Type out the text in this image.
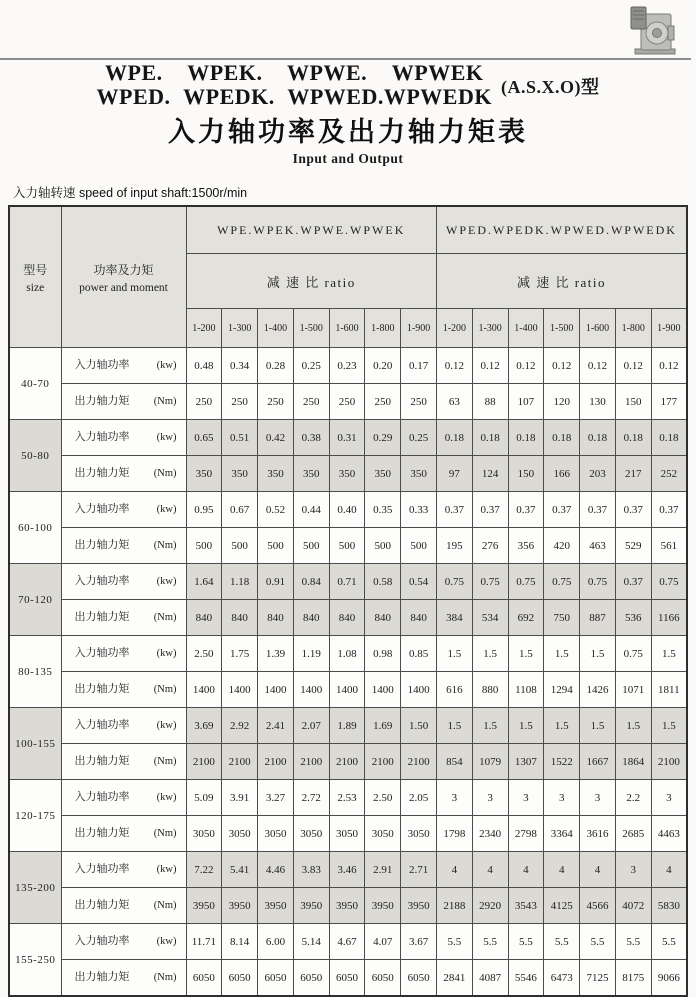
WPE. WPEK. WPWE. WPWEK
WPED. WPEDK. WPWED.WPWEDK (A.S.X.O)型
入力轴功率及出力轴力矩表
Input and Output
入力轴转速 speed of input shaft:1500r/min
型号
size

功率及力矩
power and moment
	WPE.WPEK.WPWE.WPWEK	WPED.WPEDK.WPWED.WPWEDK
		减 速 比 ratio							减 速 比 ratio						
		1-200	1-300	1-400	1-500	1-600	1-800	1-900	1-200	1-300	1-400	1-500	1-600	1-800	1-900
40-70	入力轴功率 (kw)	0.48	0.34	0.28	0.25	0.23	0.20	0.17	0.12	0.12	0.12	0.12	0.12	0.12	0.12
	出力轴力矩 (Nm)	250	250	250	250	250	250	250	63	88	107	120	130	150	177
50-80	入力轴功率 (kw)	0.65	0.51	0.42	0.38	0.31	0.29	0.25	0.18	0.18	0.18	0.18	0.18	0.18	0.18
	出力轴力矩 (Nm)	350	350	350	350	350	350	350	97	124	150	166	203	217	252
60-100	入力轴功率 (kw)	0.95	0.67	0.52	0.44	0.40	0.35	0.33	0.37	0.37	0.37	0.37	0.37	0.37	0.37
	出力轴力矩 (Nm)	500	500	500	500	500	500	500	195	276	356	420	463	529	561
70-120	入力轴功率 (kw)	1.64	1.18	0.91	0.84	0.71	0.58	0.54	0.75	0.75	0.75	0.75	0.75	0.37	0.75
	出力轴力矩 (Nm)	840	840	840	840	840	840	840	384	534	692	750	887	536	1166
80-135	入力轴功率 (kw)	2.50	1.75	1.39	1.19	1.08	0.98	0.85	1.5	1.5	1.5	1.5	1.5	0.75	1.5
	出力轴力矩 (Nm)	1400	1400	1400	1400	1400	1400	1400	616	880	1108	1294	1426	1071	1811
100-155	入力轴功率 (kw)	3.69	2.92	2.41	2.07	1.89	1.69	1.50	1.5	1.5	1.5	1.5	1.5	1.5	1.5
	出力轴力矩 (Nm)	2100	2100	2100	2100	2100	2100	2100	854	1079	1307	1522	1667	1864	2100
120-175	入力轴功率 (kw)	5.09	3.91	3.27	2.72	2.53	2.50	2.05	3	3	3	3	3	2.2	3
	出力轴力矩 (Nm)	3050	3050	3050	3050	3050	3050	3050	1798	2340	2798	3364	3616	2685	4463
135-200	入力轴功率 (kw)	7.22	5.41	4.46	3.83	3.46	2.91	2.71	4	4	4	4	4	3	4
	出力轴力矩 (Nm)	3950	3950	3950	3950	3950	3950	3950	2188	2920	3543	4125	4566	4072	5830
155-250	入力轴功率 (kw)	11.71	8.14	6.00	5.14	4.67	4.07	3.67	5.5	5.5	5.5	5.5	5.5	5.5	5.5
	出力轴力矩 (Nm)	6050	6050	6050	6050	6050	6050	6050	2841	4087	5546	6473	7125	8175	9066
